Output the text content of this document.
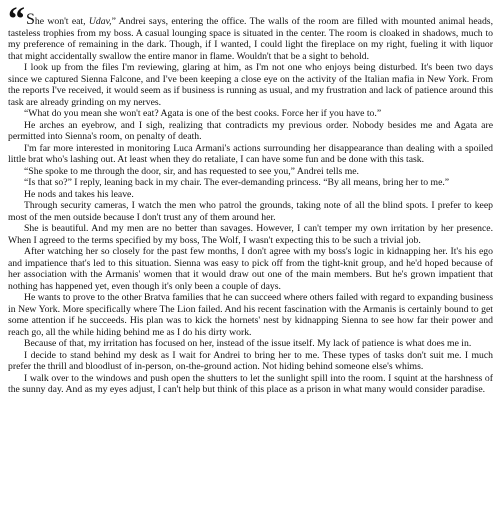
“She won't eat, Udav,” Andrei says, entering the office. The walls of the room are filled with mounted animal heads, tasteless trophies from my boss. A casual lounging space is situated in the center. The room is cloaked in shadows, much to my preference of remaining in the dark. Though, if I wanted, I could light the fireplace on my right, fueling it with liquor that might accidentally swallow the entire manor in flame. Wouldn't that be a sight to behold.

I look up from the files I'm reviewing, glaring at him, as I'm not one who enjoys being disturbed. It's been two days since we captured Sienna Falcone, and I've been keeping a close eye on the activity of the Italian mafia in New York. From the reports I've received, it would seem as if business is running as usual, and my frustration and lack of patience around this task are already grinding on my nerves.

“What do you mean she won't eat? Agata is one of the best cooks. Force her if you have to.”

He arches an eyebrow, and I sigh, realizing that contradicts my previous order. Nobody besides me and Agata are permitted into Sienna's room, on penalty of death.

I'm far more interested in monitoring Luca Armani's actions surrounding her disappearance than dealing with a spoiled little brat who's lashing out. At least when they do retaliate, I can have some fun and be done with this task.

“She spoke to me through the door, sir, and has requested to see you,” Andrei tells me.

“Is that so?” I reply, leaning back in my chair. The ever-demanding princess. “By all means, bring her to me.”

He nods and takes his leave.

Through security cameras, I watch the men who patrol the grounds, taking note of all the blind spots. I prefer to keep most of the men outside because I don't trust any of them around her.

She is beautiful. And my men are no better than savages. However, I can't temper my own irritation by her presence. When I agreed to the terms specified by my boss, The Wolf, I wasn't expecting this to be such a trivial job.

After watching her so closely for the past few months, I don't agree with my boss's logic in kidnapping her. It's his ego and impatience that's led to this situation. Sienna was easy to pick off from the tight-knit group, and he'd hoped because of her association with the Armanis' women that it would draw out one of the main members. But he's grown impatient that nothing has happened yet, even though it's only been a couple of days.

He wants to prove to the other Bratva families that he can succeed where others failed with regard to expanding business in New York. More specifically where The Lion failed. And his recent fascination with the Armanis is certainly bound to get some attention if he succeeds. His plan was to kick the hornets' nest by kidnapping Sienna to see how far their power and reach go, all the while hiding behind me as I do his dirty work.

Because of that, my irritation has focused on her, instead of the issue itself. My lack of patience is what does me in.

I decide to stand behind my desk as I wait for Andrei to bring her to me. These types of tasks don't suit me. I much prefer the thrill and bloodlust of in-person, on-the-ground action. Not hiding behind someone else's whims.

I walk over to the windows and push open the shutters to let the sunlight spill into the room. I squint at the harshness of the sunny day. And as my eyes adjust, I can't help but think of this place as a prison in what many would consider paradise.
